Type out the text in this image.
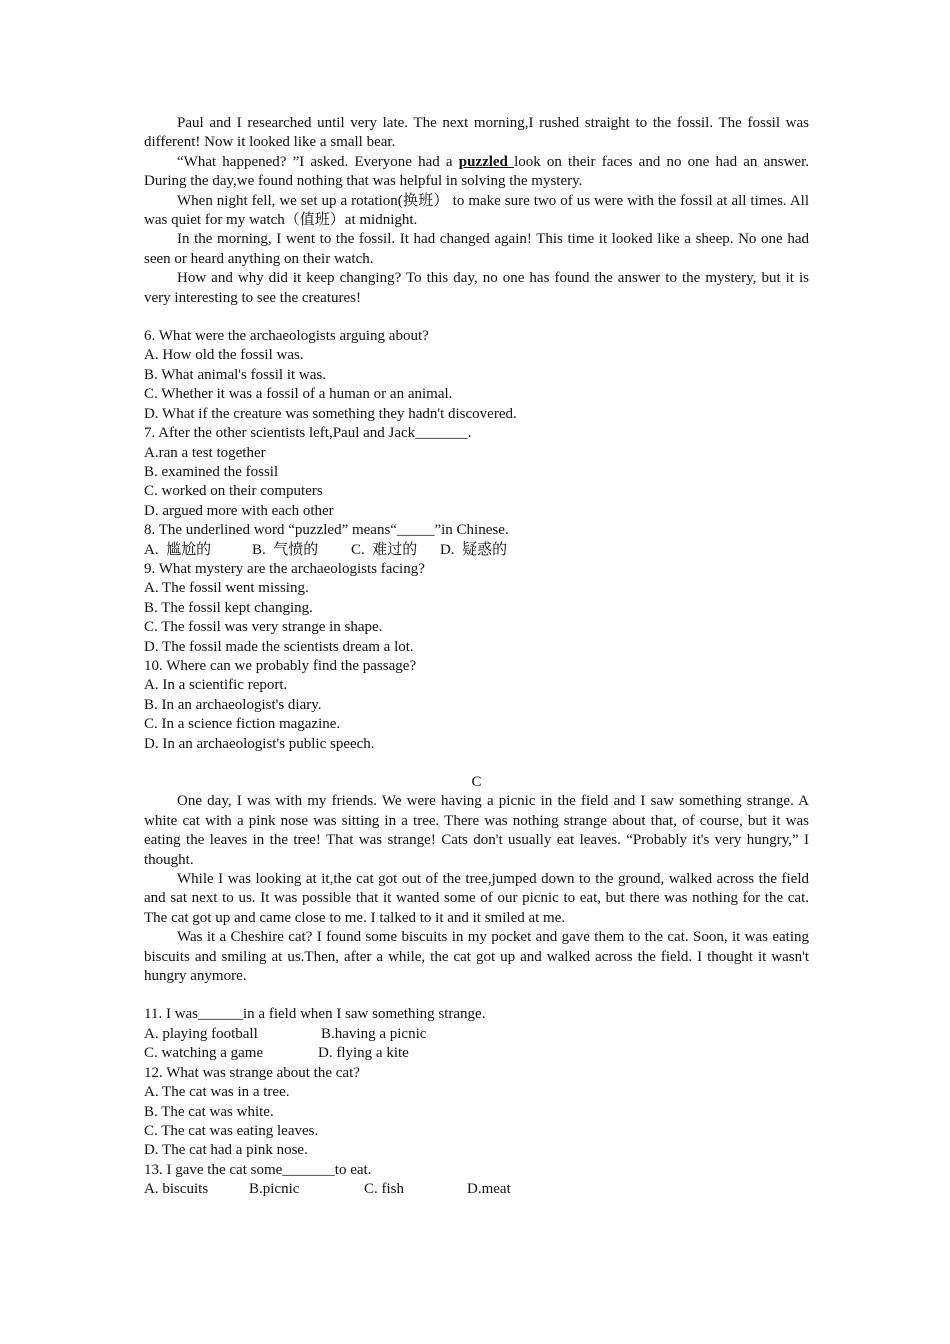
Paul and I researched until very late. The next morning,I rushed straight to the fossil. The fossil was different! Now it looked like a small bear.

“What happened? ”I asked. Everyone had a puzzled look on their faces and no one had an answer. During the day,we found nothing that was helpful in solving the mystery.

When night fell, we set up a rotation(换班） to make sure two of us were with the fossil at all times. All was quiet for my watch（值班）at midnight.

In the morning, I went to the fossil. It had changed again! This time it looked like a sheep. No one had seen or heard anything on their watch.

How and why did it keep changing? To this day, no one has found the answer to the mystery, but it is very interesting to see the creatures!

6. What were the archaeologists arguing about?

A. How old the fossil was.

B. What animal's fossil it was.

C. Whether it was a fossil of a human or an animal.

D. What if the creature was something they hadn't discovered.

7. After the other scientists left,Paul and Jack_______.

A.ran a test together

B. examined the fossil

C. worked on their computers

D. argued more with each other

8. The underlined word “puzzled” means“_____”in Chinese.

A.  尴尬的	B.  气愤的 C.  难过的 D.  疑惑的

9. What mystery are the archaeologists facing?

A. The fossil went missing.

B. The fossil kept changing.

C. The fossil was very strange in shape.

D. The fossil made the scientists dream a lot.

10. Where can we probably find the passage?

A. In a scientific report.

B. In an archaeologist's diary.

C. In a science fiction magazine.

D. In an archaeologist's public speech.

C

One day, I was with my friends. We were having a picnic in the field and I saw something strange. A white cat with a pink nose was sitting in a tree. There was nothing strange about that, of course, but it was eating the leaves in the tree! That was strange! Cats don't usually eat leaves. “Probably it's very hungry,” I thought.

While I was looking at it,the cat got out of the tree,jumped down to the ground, walked across the field and sat next to us. It was possible that it wanted some of our picnic to eat, but there was nothing for the cat. The cat got up and came close to me. I talked to it and it smiled at me.

Was it a Cheshire cat? I found some biscuits in my pocket and gave them to the cat. Soon, it was eating biscuits and smiling at us.Then, after a while, the cat got up and walked across the field. I thought it wasn't hungry anymore.

11. I was______in a field when I saw something strange.

A. playing football	B.having a picnic

C. watching a game	D. flying a kite

12. What was strange about the cat?

A. The cat was in a tree.

B. The cat was white.

C. The cat was eating leaves.

D. The cat had a pink nose.

13. I gave the cat some_______to eat.

A. biscuits	B.picnic	C. fish	D.meat
